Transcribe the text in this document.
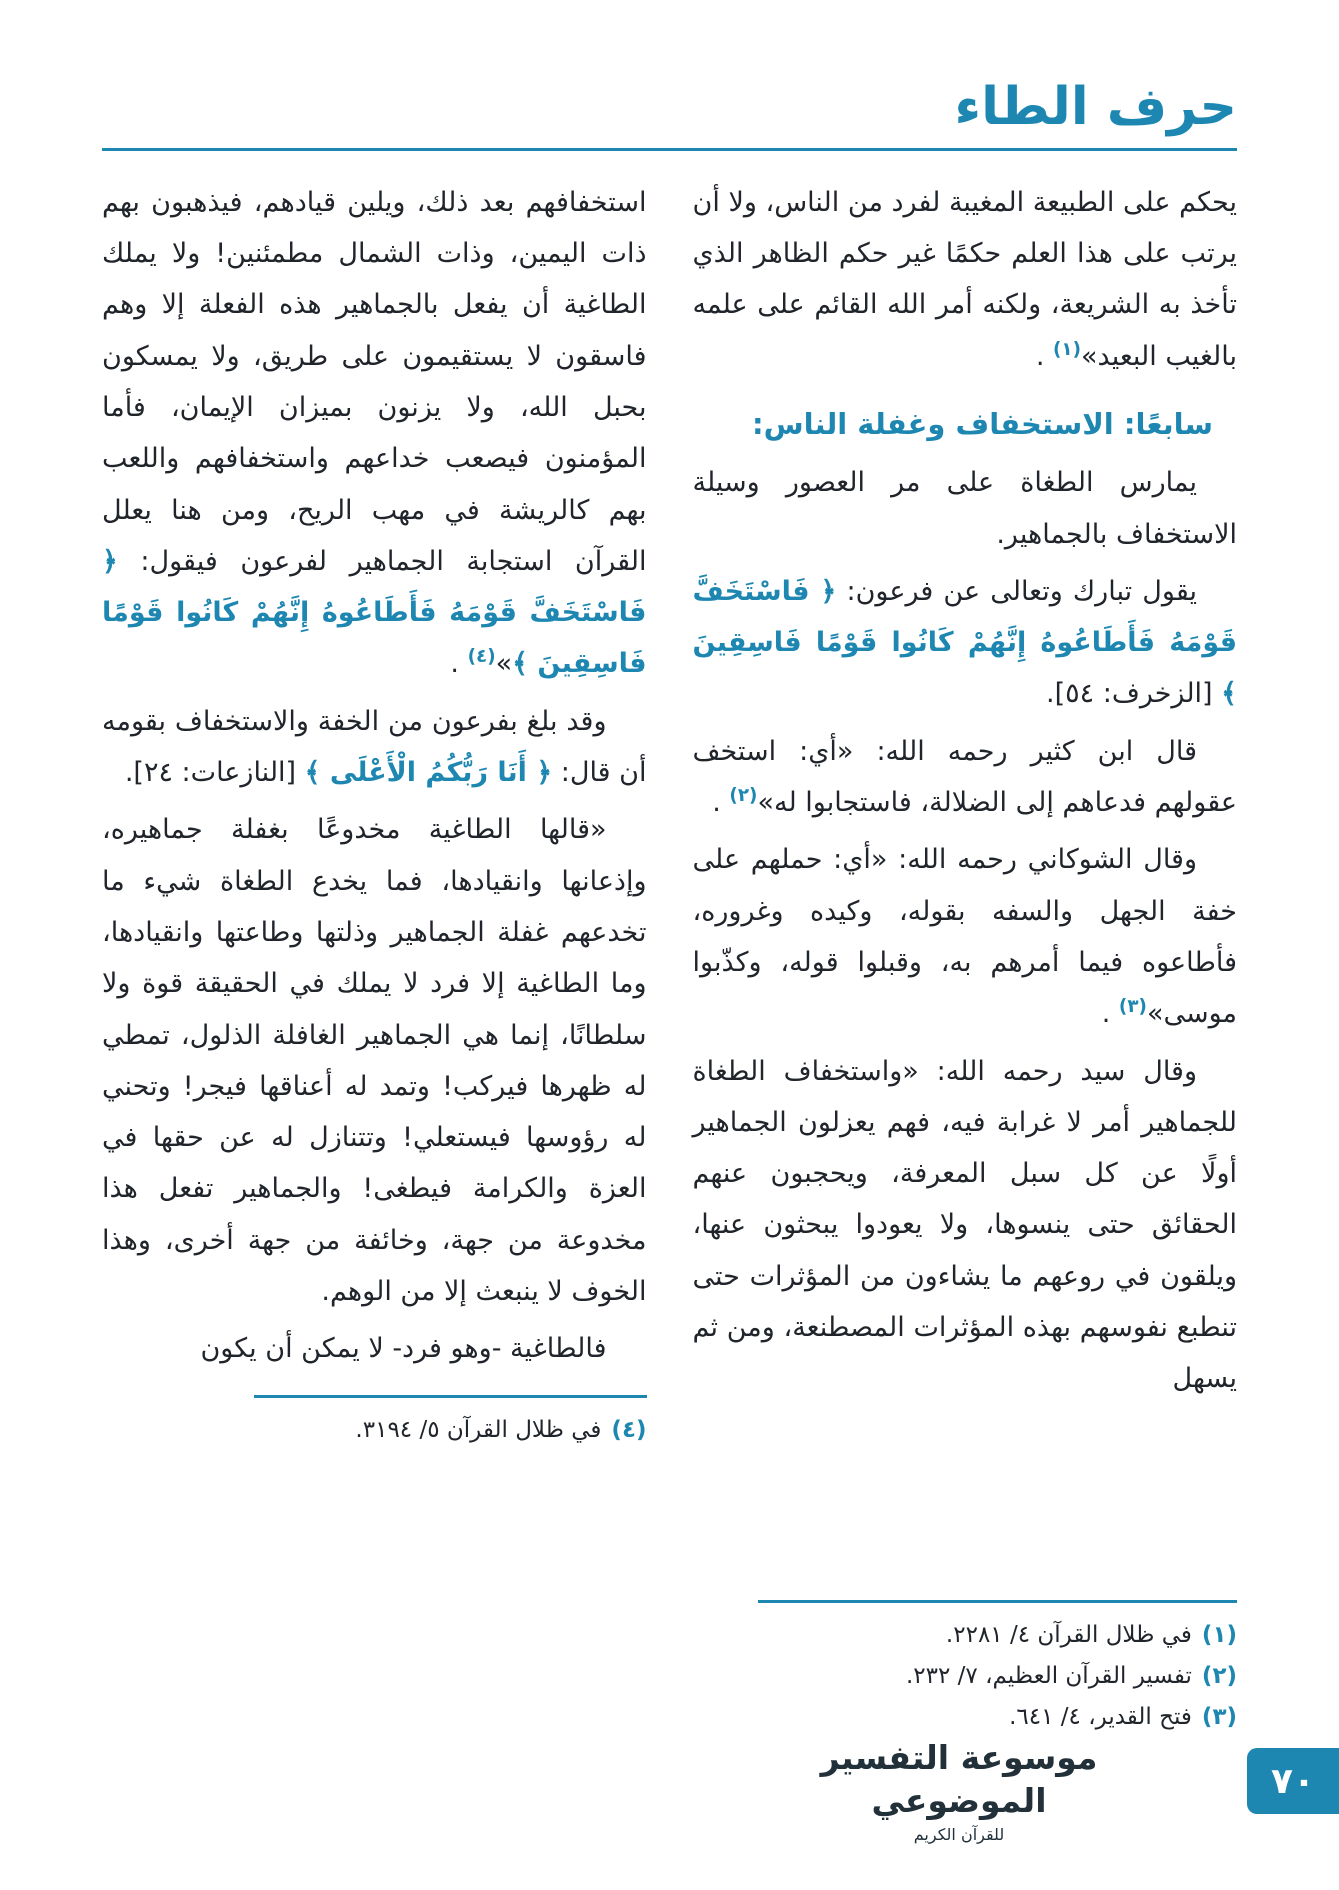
حرف الطاء

يحكم على الطبيعة المغيبة لفرد من الناس، ولا أن يرتب على هذا العلم حكمًا غير حكم الظاهر الذي تأخذ به الشريعة، ولكنه أمر الله القائم على علمه بالغيب البعيد»$^{(١)}$ .

سابعًا: الاستخفاف وغفلة الناس:

يمارس الطغاة على مر العصور وسيلة الاستخفاف بالجماهير.

يقول تبارك وتعالى عن فرعون: ﴿ فَاسْتَخَفَّ قَوْمَهُ فَأَطَاعُوهُ إِنَّهُمْ كَانُوا قَوْمًا فَاسِقِينَ ﴾ [الزخرف: ٥٤].

قال ابن كثير رحمه الله: «أي: استخف عقولهم فدعاهم إلى الضلالة، فاستجابوا له»$^{(٢)}$ .

وقال الشوكاني رحمه الله: «أي: حملهم على خفة الجهل والسفه بقوله، وكيده وغروره، فأطاعوه فيما أمرهم به، وقبلوا قوله، وكذّبوا موسى»$^{(٣)}$ .

وقال سيد رحمه الله: «واستخفاف الطغاة للجماهير أمر لا غرابة فيه، فهم يعزلون الجماهير أولًا عن كل سبل المعرفة، ويحجبون عنهم الحقائق حتى ينسوها، ولا يعودوا يبحثون عنها، ويلقون في روعهم ما يشاءون من المؤثرات حتى تنطبع نفوسهم بهذه المؤثرات المصطنعة، ومن ثم يسهل

(١)
في ظلال القرآن ٤/ ٢٢٨١.
(٢)
تفسير القرآن العظيم، ٧/ ٢٣٢.
(٣)
فتح القدير، ٤/ ٦٤١.

استخفافهم بعد ذلك، ويلين قيادهم، فيذهبون بهم ذات اليمين، وذات الشمال مطمئنين! ولا يملك الطاغية أن يفعل بالجماهير هذه الفعلة إلا وهم فاسقون لا يستقيمون على طريق، ولا يمسكون بحبل الله، ولا يزنون بميزان الإيمان، فأما المؤمنون فيصعب خداعهم واستخفافهم واللعب بهم كالريشة في مهب الريح، ومن هنا يعلل القرآن استجابة الجماهير لفرعون فيقول: ﴿ فَاسْتَخَفَّ قَوْمَهُ فَأَطَاعُوهُ إِنَّهُمْ كَانُوا قَوْمًا فَاسِقِينَ ﴾»$^{(٤)}$ .

وقد بلغ بفرعون من الخفة والاستخفاف بقومه أن قال: ﴿ أَنَا رَبُّكُمُ الْأَعْلَى ﴾ [النازعات: ٢٤].

«قالها الطاغية مخدوعًا بغفلة جماهيره، وإذعانها وانقيادها، فما يخدع الطغاة شيء ما تخدعهم غفلة الجماهير وذلتها وطاعتها وانقيادها، وما الطاغية إلا فرد لا يملك في الحقيقة قوة ولا سلطانًا، إنما هي الجماهير الغافلة الذلول، تمطي له ظهرها فيركب! وتمد له أعناقها فيجر! وتحني له رؤوسها فيستعلي! وتتنازل له عن حقها في العزة والكرامة فيطغى! والجماهير تفعل هذا مخدوعة من جهة، وخائفة من جهة أخرى، وهذا الخوف لا ينبعث إلا من الوهم.

فالطاغية -وهو فرد- لا يمكن أن يكون

(٤)
في ظلال القرآن ٥/ ٣١٩٤.
موسوعة التفسير الموضوعي
للقرآن الكريم
٧٠
